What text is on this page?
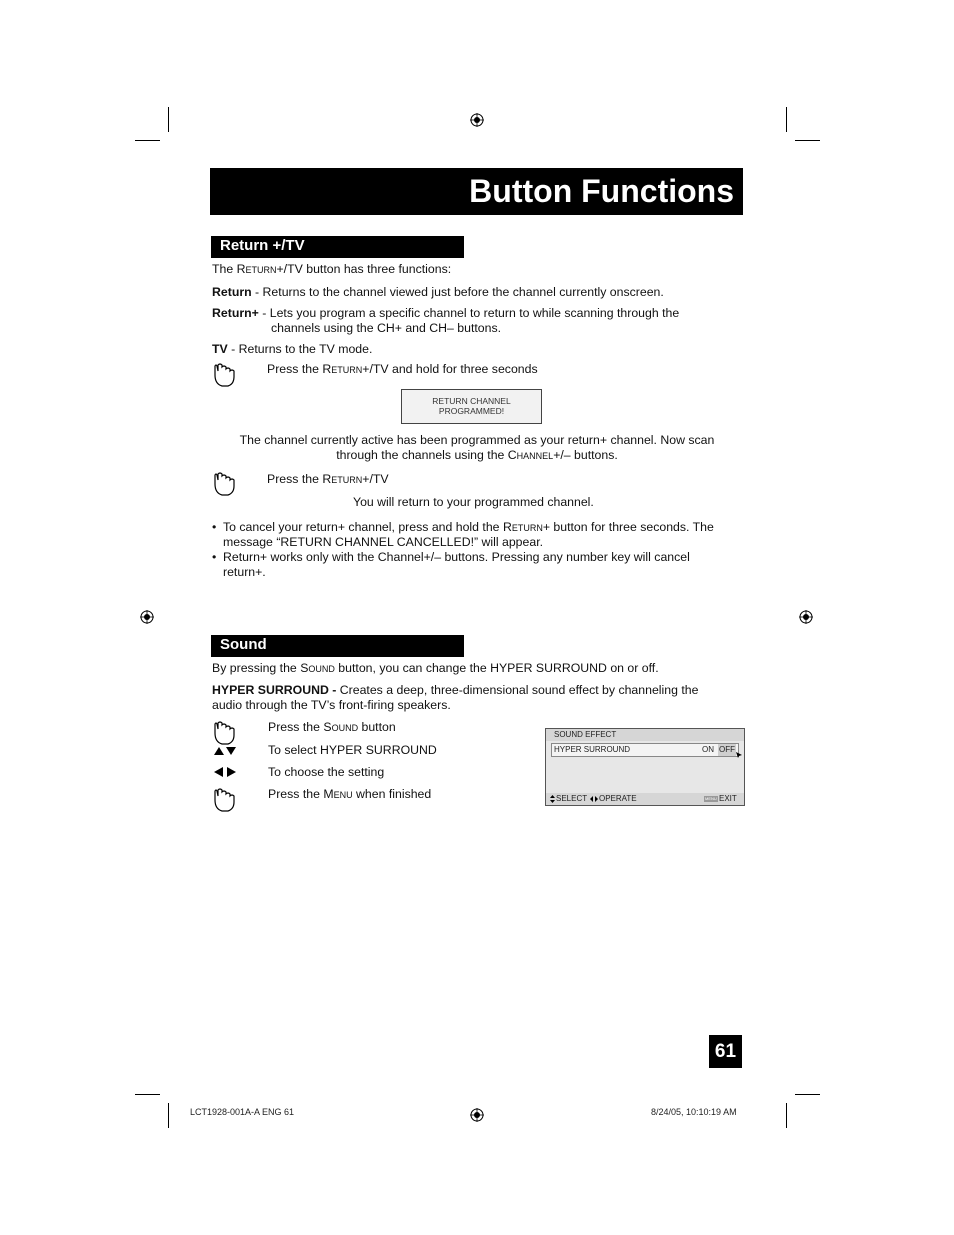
Button Functions
Return +/TV
The Return+/TV button has three functions:
Return - Returns to the channel viewed just before the channel currently onscreen.
Return+ - Lets you program a specific channel to return to while scanning through the
channels using the CH+ and CH– buttons.
TV - Returns to the TV mode.
Press the Return+/TV and hold for three seconds
RETURN CHANNEL
PROGRAMMED!
The channel currently active has been programmed as your return+ channel. Now scan
through the channels using the Channel+/– buttons.
Press the Return+/TV
You will return to your programmed channel.
• To cancel your return+ channel, press and hold the Return+ button for three seconds. The
message “RETURN CHANNEL CANCELLED!” will appear.
• Return+ works only with the Channel+/– buttons. Pressing any number key will cancel
return+.
Sound
By pressing the Sound button, you can change the HYPER SURROUND on or off.
HYPER SURROUND - Creates a deep, three-dimensional sound effect by channeling the
audio through the TV’s front-firing speakers.
Press the Sound button
To select HYPER SURROUND
To choose the setting
Press the Menu when finished
SOUND EFFECT
HYPER SURROUND	ON OFF
SELECT OPERATE	MENU EXIT
61
LCT1928-001A-A ENG 61	8/24/05, 10:10:19 AM
